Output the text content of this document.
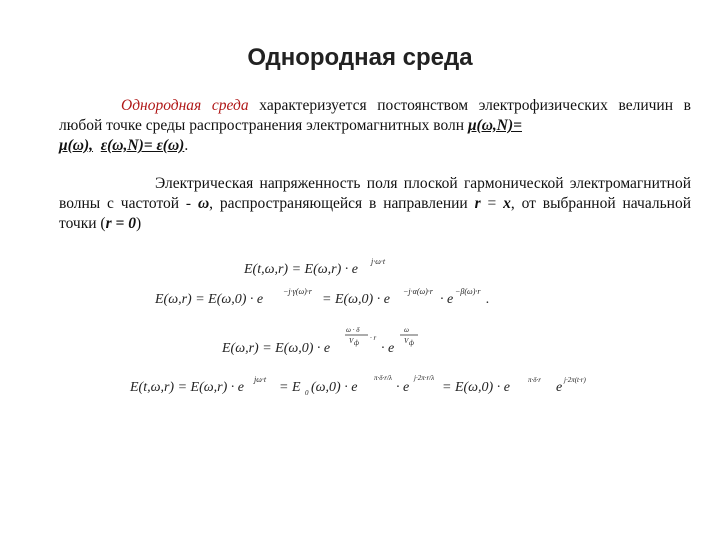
Однородная среда
Однородная среда характеризуется постоянством электрофизических величин в любой точке среды распространения электромагнитных волн μ(ω,N)=
μ(ω), ε(ω,N)= ε(ω).
Электрическая напряженность поля плоской гармонической электромагнитной волны с частотой - ω, распространяющейся в направлении r = x, от выбранной начальной точки (r = 0)
E(t,ω,r) = E(ω,r) · e
j·ω·t
E(ω,r) = E(ω,0) · e
−j·γ(ω)·r
= E(ω,0) · e
−j·α(ω)·r
· e
−β(ω)·r
.
E(ω,r) = E(ω,0) · e
ω · δ
V ф
· r
· e
ω
V ф
E(t,ω,r) = E(ω,r) · e
jω·t
= E 0 (ω,0) · e
π·δ·r/λ
· e
j·2π·r/λ
= E(ω,0) · e	π·δ·r e j·2π(t·r)
